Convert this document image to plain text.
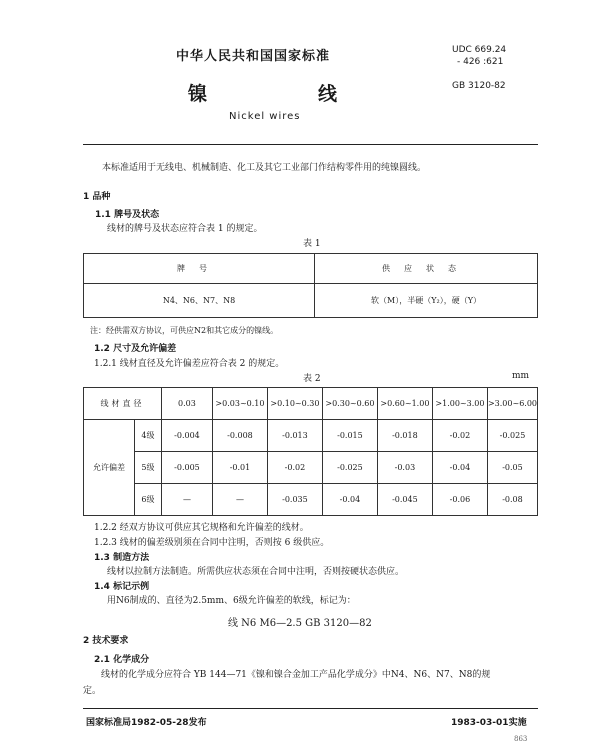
中华人民共和国国家标准	UDC 669.24
- 426 :621
GB 3120-82
镍	线
Nickel wires
本标准适用于无线电、机械制造、化工及其它工业部门作结构零件用的纯镍圆线。
1 品种
1.1 牌号及状态
线材的牌号及状态应符合表 1 的规定。
表 1
牌号	供应状态
N4、N6、N7、N8	软（M），半硬（Y₂），硬（Y）
注：经供需双方协议，可供应N2和其它成分的镍线。
1.2 尺寸及允许偏差
1.2.1 线材直径及允许偏差应符合表 2 的规定。
表 2	mm
线材直径		0.03	>0.03~0.10	>0.10~0.30	>0.30~0.60	>0.60~1.00	>1.00~3.00	>3.00~6.00
允许偏差	4级	-0.004	-0.008	-0.013	-0.015	-0.018	-0.02	-0.025
	5级	-0.005	-0.01	-0.02	-0.025	-0.03	-0.04	-0.05
	6级	—	—	-0.035	-0.04	-0.045	-0.06	-0.08
1.2.2 经双方协议可供应其它规格和允许偏差的线材。
1.2.3 线材的偏差级别须在合同中注明，否则按 6 级供应。
1.3 制造方法
线材以拉制方法制造。所需供应状态须在合同中注明，否则按硬状态供应。
1.4 标记示例
用N6制成的、直径为2.5mm、6级允许偏差的软线，标记为：
线 N6 M6—2.5 GB 3120—82
2 技术要求
2.1 化学成分
线材的化学成分应符合 YB 144—71《镍和镍合金加工产品化学成分》中N4、N6、N7、N8的规
定。
国家标准局1982-05-28发布	1983-03-01实施
863
